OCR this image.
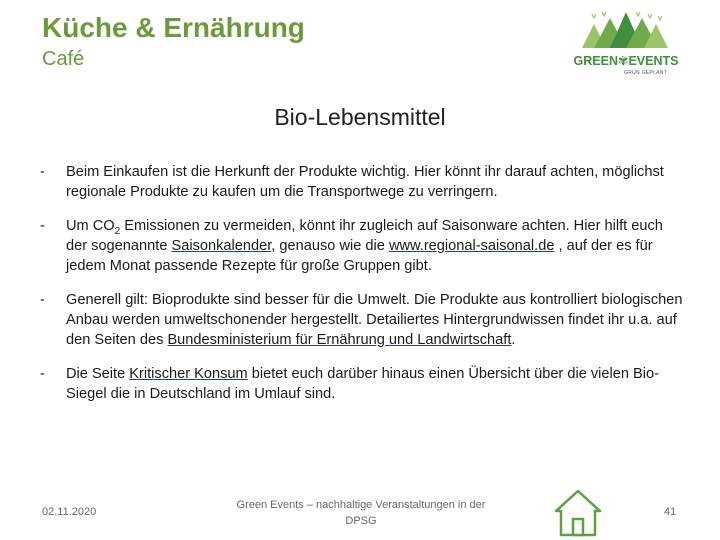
Küche & Ernährung
Café	GREEN✾EVENTS
GRÜN GEPLANT
Bio-Lebensmittel
- Beim Einkaufen ist die Herkunft der Produkte wichtig. Hier könnt ihr darauf achten, möglichst regionale Produkte zu kaufen um die Transportwege zu verringern.
- Um $CO_2$ Emissionen zu vermeiden, könnt ihr zugleich auf Saisonware achten. Hier hilft euch der sogenannte Saisonkalender, genauso wie die www.regional-saisonal.de , auf der es für jedem Monat passende Rezepte für große Gruppen gibt.
- Generell gilt: Bioprodukte sind besser für die Umwelt. Die Produkte aus kontrolliert biologischen Anbau werden umweltschonender hergestellt. Detailiertes Hintergrundwissen findet ihr u.a. auf den Seiten des Bundesministerium für Ernährung und Landwirtschaft.
- Die Seite Kritischer Konsum bietet euch darüber hinaus einen Übersicht über die vielen Bio-Siegel die in Deutschland im Umlauf sind.
02.11.2020
Green Events – nachhaltige Veranstaltungen in der DPSG
41
